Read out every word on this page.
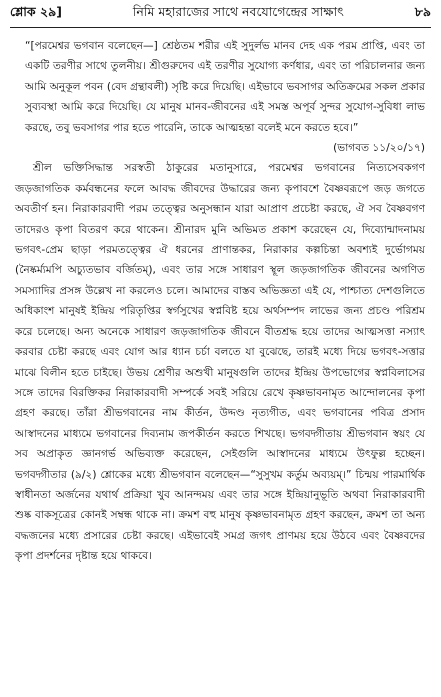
শ্লোক ২৯]	নিমি মহারাজের সাথে নবযোগেন্দ্রের সাক্ষাৎ	৮৯

“[পরমেশ্বর ভগবান বলেছেন—] শ্রেষ্ঠতম শরীর এই সুদুর্লভ মানব দেহ এক পরম প্রাপ্তি, এবং তা একটি তরণীর সাথে তুলনীয়। শ্রীগুরুদেব এই তরণীর সুযোগ্য কর্ণধার, এবং তা পরিচালনার জন্য আমি অনুকূল পবন (বেদ গ্রন্থাবলী) সৃষ্টি করে দিয়েছি। এইভাবে ভবসাগর অতিক্রমের সকল প্রকার সুব্যবস্থা আমি করে দিয়েছি। যে মানুষ মানব-জীবনের এই সমস্ত অপূর্ব সুন্দর সুযোগ-সুবিধা লাভ করছে, তবু ভবসাগর পার হতে পারেনি, তাকে আত্মহন্তা বলেই মনে করতে হবে।”
(ভাগবত ১১/২০/১৭)

শ্রীল ভক্তিসিদ্ধান্ত সরস্বতী ঠাকুরের মতানুসারে, পরমেশ্বর ভগবানের নিত্যসেবকগণ জড়জাগতিক কর্মবন্ধনের ফলে আবদ্ধ জীবদের উদ্ধারের জন্য কৃপাবশে বৈষ্ণবরূপে জড় জগতে অবতীর্ণ হন। নিরাকারবাদী পরম তত্ত্বের অনুসন্ধান যারা আপ্রাণ প্রচেষ্টা করছে, ঐ সব বৈষ্ণবগণ তাদেরও কৃপা বিতরণ করে থাকেন। শ্রীনারদ মুনি অভিমত প্রকাশ করেছেন যে, দিব্যোন্মাদনাময় ভগবৎ-প্রেম ছাড়া পরমতত্ত্বের ঐ ধরনের প্রাণান্তকর, নিরাকার কল্পচিন্তা অবশ্যই দুর্ভোগময় (নৈষ্কর্ম্যমপি অচ্যুতভাব বর্জিতম্), এবং তার সঙ্গে সাধারণ স্থূল জড়জাগতিক জীবনের অগণিত সমস্যাদির প্রসঙ্গ উল্লেখ না করলেও চলে। আমাদের বাস্তব অভিজ্ঞতা এই যে, পাশ্চাত্য দেশগুলিতে অধিকাংশ মানুষই ইন্দ্রিয় পরিতৃপ্তির স্বর্গসুখের স্বপ্নবিষ্ট হয়ে অর্থসম্পদ লাভের জন্য প্রচণ্ড পরিশ্রম করে চলেছে। অন্য অনেকে সাধারণ জড়জাগতিক জীবনে বীতশ্রদ্ধ হয়ে তাদের আত্মসত্তা নস্যাৎ করবার চেষ্টা করছে এবং যোগ আর ধ্যান চর্চা বলতে যা বুঝেছে, তারই মধ্যে দিয়ে ভগবৎ-সত্তার মাঝে বিলীন হতে চাইছে। উভয় শ্রেণীর অশুখী মানুষগুলি তাদের ইন্দ্রিয় উপভোগের স্বপ্নবিলাসের সঙ্গে তাদের বিরক্তিকর নিরাকারবাদী সম্পর্কে সবই সরিয়ে রেখে কৃষ্ণভাবনামৃত আন্দোলনের কৃপা গ্রহণ করছে। তাঁরা শ্রীভগবানের নাম কীর্তন, উদ্দণ্ড নৃত্যগীত, এবং ভগবানের পবিত্র প্রসাদ আস্বাদনের মাধ্যমে ভগবানের দিব্যনাম জপকীর্তন করতে শিখছে। ভগবদ্গীতায় শ্রীভগবান স্বয়ং যে সব অপ্রাকৃত জ্ঞানগর্ভ অভিব্যক্ত করেছেন, সেইগুলি আস্বাদনের মাধ্যমে উৎফুল্ল হচ্ছেন। ভগবদ্গীতার (৯/২) শ্লোকের মধ্যে শ্রীভগবান বলেছেন—“সুসুখম কর্তুম অব্যয়ম্।” চিন্ময় পারমার্থিক স্বাধীনতা অর্জনের যথার্থ প্রক্রিয়া খুব আনন্দময় এবং তার সঙ্গে ইন্দ্রিয়ানুভূতি অথবা নিরাকারবাদী শুষ্ক বাকসূত্রের কোনই সম্বন্ধ থাকে না। ক্রমশ বহু মানুষ কৃষ্ণভাবনামৃত গ্রহণ করছেন, ক্রমশ তা অন্য বদ্ধজনের মধ্যে প্রসারের চেষ্টা করছে। এইভাবেই সমগ্র জগৎ প্রাণময় হয়ে উঠবে এবং বৈষ্ণবদের কৃপা প্রদর্শনের দৃষ্টান্ত হয়ে থাকবে।
